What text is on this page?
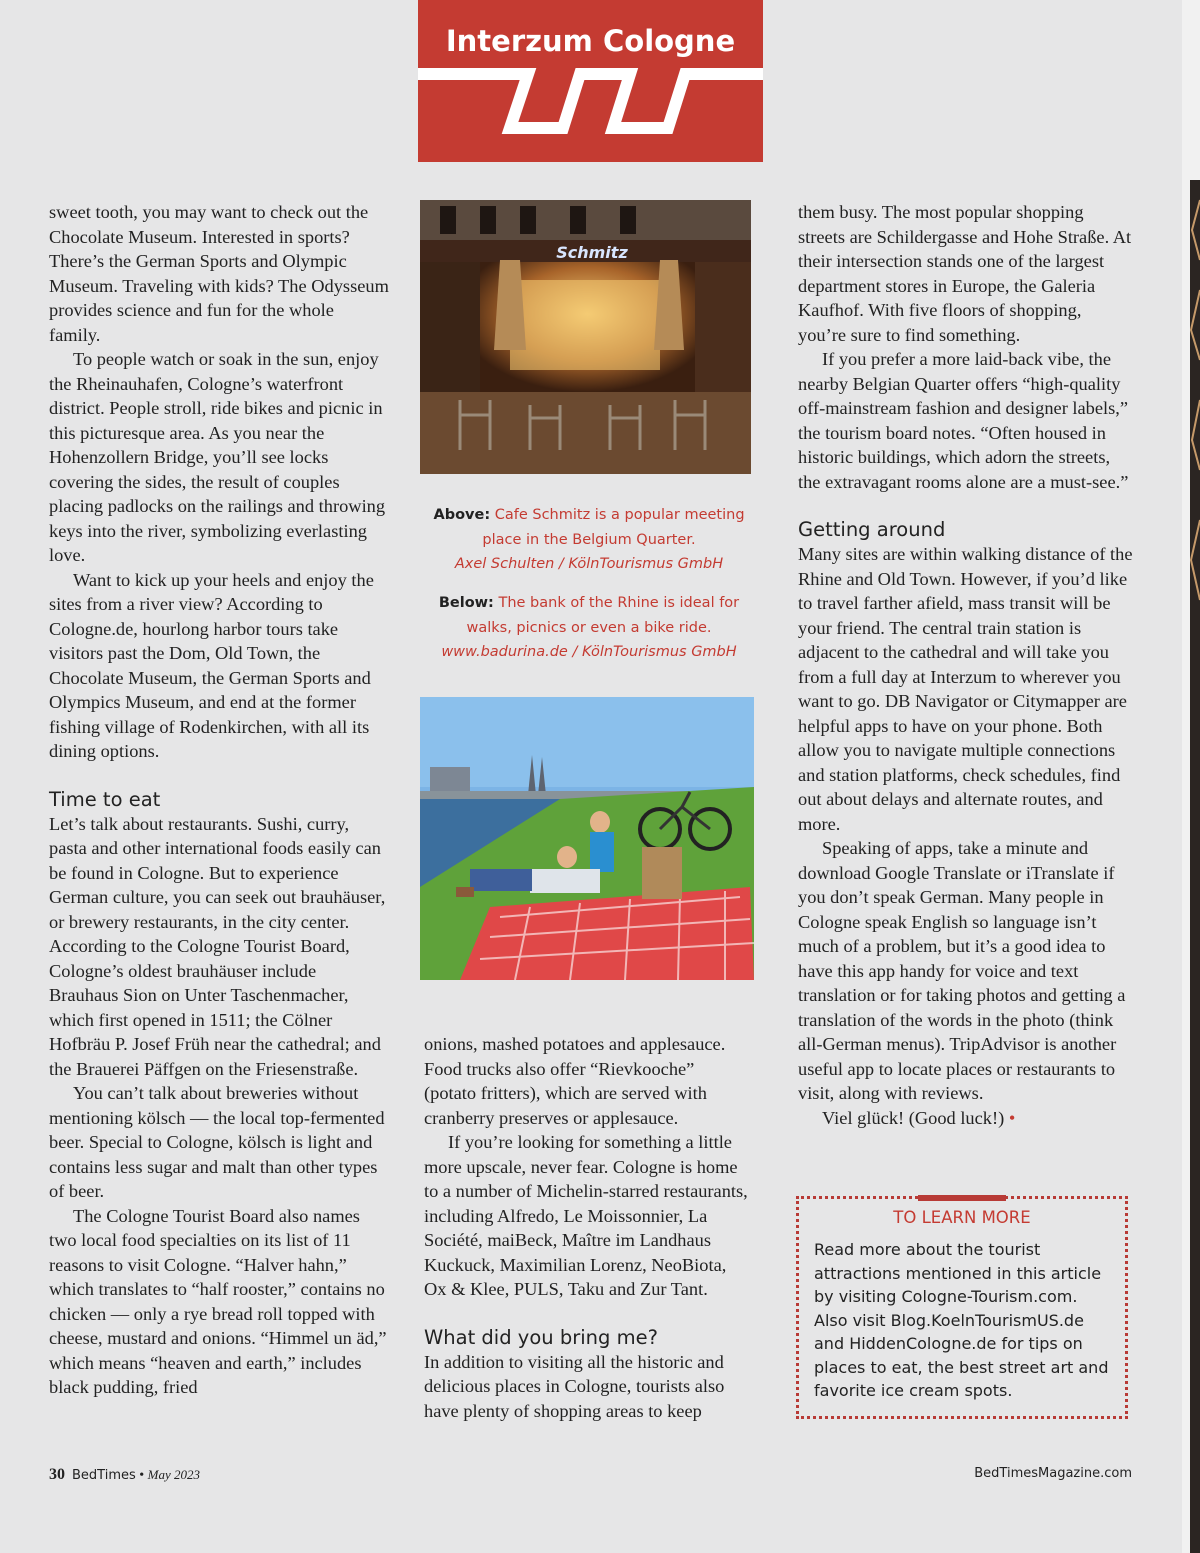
Interzum Cologne

sweet tooth, you may want to check out the Chocolate Museum. Interested in sports? There’s the German Sports and Olympic Museum. Traveling with kids? The Odysseum provides science and fun for the whole family.

To people watch or soak in the sun, enjoy the Rheinauhafen, Cologne’s waterfront district. People stroll, ride bikes and picnic in this picturesque area. As you near the Hohenzollern Bridge, you’ll see locks covering the sides, the result of couples placing padlocks on the railings and throwing keys into the river, symbolizing everlasting love.

Want to kick up your heels and enjoy the sites from a river view? According to Cologne.de, hourlong harbor tours take visitors past the Dom, Old Town, the Chocolate Museum, the German Sports and Olympics Museum, and end at the former fishing village of Rodenkirchen, with all its dining options.

Time to eat

Let’s talk about restaurants. Sushi, curry, pasta and other international foods easily can be found in Cologne. But to experience German culture, you can seek out brauhäuser, or brewery restaurants, in the city center. According to the Cologne Tourist Board, Cologne’s oldest brauhäuser include Brauhaus Sion on Unter Taschenmacher, which first opened in 1511; the Cölner Hofbräu P. Josef Früh near the cathedral; and the Brauerei Päffgen on the Friesenstraße.

You can’t talk about breweries without mentioning kölsch — the local top-fermented beer. Special to Cologne, kölsch is light and contains less sugar and malt than other types of beer.

The Cologne Tourist Board also names two local food specialties on its list of 11 reasons to visit Cologne. “Halver hahn,” which translates to “half rooster,” contains no chicken — only a rye bread roll topped with cheese, mustard and onions. “Himmel un äd,” which means “heaven and earth,” includes black pudding, fried

Schmitz
Above: Cafe Schmitz is a popular meeting place in the Belgium Quarter.
Axel Schulten / KölnTourismus GmbH
Below: The bank of the Rhine is ideal for walks, picnics or even a bike ride.
www.badurina.de / KölnTourismus GmbH

onions, mashed potatoes and applesauce. Food trucks also offer “Rievkooche” (potato fritters), which are served with cranberry preserves or applesauce.

If you’re looking for something a little more upscale, never fear. Cologne is home to a number of Michelin-starred restaurants, including Alfredo, Le Moissonnier, La Société, maiBeck, Maître im Landhaus Kuckuck, Maximilian Lorenz, NeoBiota, Ox & Klee, PULS, Taku and Zur Tant.

What did you bring me?

In addition to visiting all the historic and delicious places in Cologne, tourists also have plenty of shopping areas to keep

them busy. The most popular shopping streets are Schildergasse and Hohe Straße. At their intersection stands one of the largest department stores in Europe, the Galeria Kaufhof. With five floors of shopping, you’re sure to find something.

If you prefer a more laid-back vibe, the nearby Belgian Quarter offers “high-quality off-mainstream fashion and designer labels,” the tourism board notes. “Often housed in historic buildings, which adorn the streets, the extravagant rooms alone are a must-see.”

Getting around

Many sites are within walking distance of the Rhine and Old Town. However, if you’d like to travel farther afield, mass transit will be your friend. The central train station is adjacent to the cathedral and will take you from a full day at Interzum to wherever you want to go. DB Navigator or Citymapper are helpful apps to have on your phone. Both allow you to navigate multiple connections and station platforms, check schedules, find out about delays and alternate routes, and more.

Speaking of apps, take a minute and download Google Translate or iTranslate if you don’t speak German. Many people in Cologne speak English so language isn’t much of a problem, but it’s a good idea to have this app handy for voice and text translation or for taking photos and getting a translation of the words in the photo (think all-German menus). TripAdvisor is another useful app to locate places or restaurants to visit, along with reviews.

Viel glück! (Good luck!) •

TO LEARN MORE
Read more about the tourist attractions mentioned in this article by visiting Cologne-Tourism.com. Also visit Blog.KoelnTourismUS.de and HiddenCologne.de for tips on places to eat, the best street art and favorite ice cream spots.
30 BedTimes • May 2023	BedTimesMagazine.com
